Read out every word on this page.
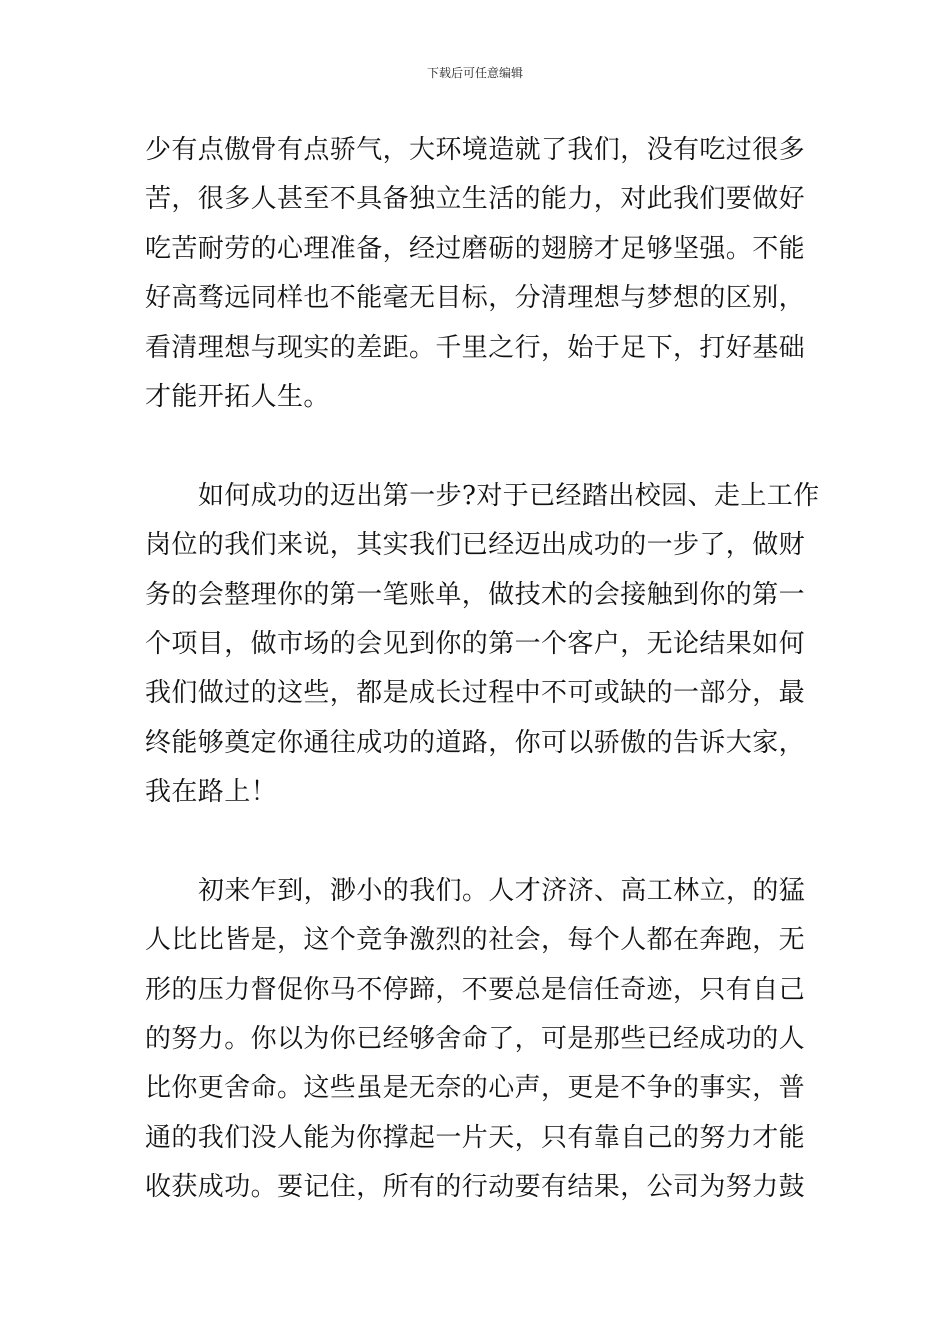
下载后可任意编辑
少有点傲骨有点骄气，大环境造就了我们，没有吃过很多
苦，很多人甚至不具备独立生活的能力，对此我们要做好
吃苦耐劳的心理准备，经过磨砺的翅膀才足够坚强。不能
好高骛远同样也不能毫无目标，分清理想与梦想的区别，
看清理想与现实的差距。千里之行，始于足下，打好基础
才能开拓人生。
如何成功的迈出第一步?对于已经踏出校园、走上工作
岗位的我们来说，其实我们已经迈出成功的一步了，做财
务的会整理你的第一笔账单，做技术的会接触到你的第一
个项目，做市场的会见到你的第一个客户，无论结果如何
我们做过的这些，都是成长过程中不可或缺的一部分，最
终能够奠定你通往成功的道路，你可以骄傲的告诉大家，
我在路上！
初来乍到，渺小的我们。人才济济、高工林立，的猛
人比比皆是，这个竞争激烈的社会，每个人都在奔跑，无
形的压力督促你马不停蹄，不要总是信任奇迹，只有自己
的努力。你以为你已经够舍命了，可是那些已经成功的人
比你更舍命。这些虽是无奈的心声，更是不争的事实，普
通的我们没人能为你撑起一片天，只有靠自己的努力才能
收获成功。要记住，所有的行动要有结果，公司为努力鼓
